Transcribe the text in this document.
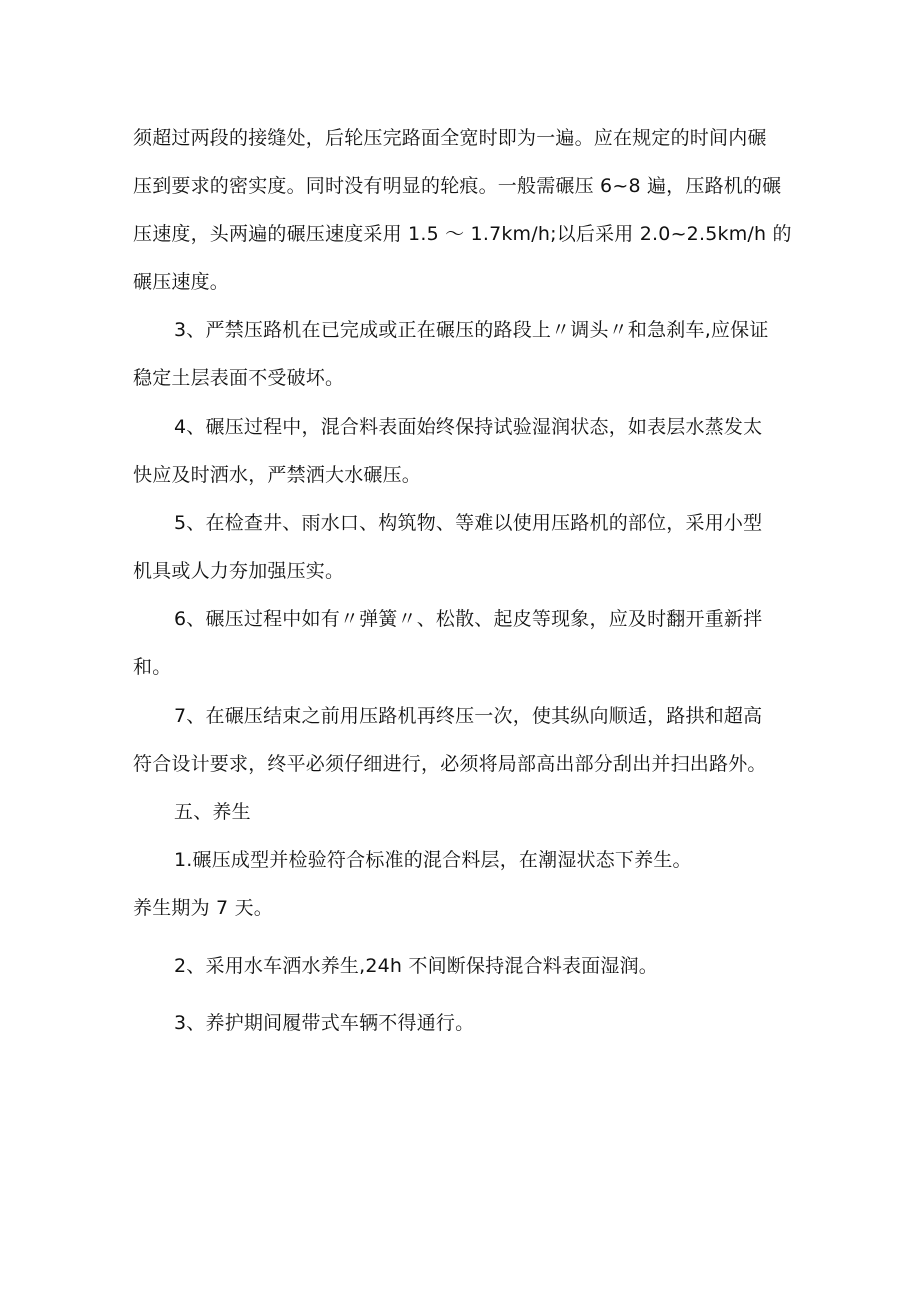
须超过两段的接缝处，后轮压完路面全宽时即为一遍。应在规定的时间内碾
压到要求的密实度。同时没有明显的轮痕。一般需碾压 6~8 遍，压路机的碾
压速度，头两遍的碾压速度采用 1.5 ～ 1.7km/h;以后采用 2.0~2.5km/h 的
碾压速度。
3、严禁压路机在已完成或正在碾压的路段上〃调头〃和急刹车,应保证
稳定土层表面不受破坏。
4、碾压过程中，混合料表面始终保持试验湿润状态，如表层水蒸发太
快应及时洒水，严禁洒大水碾压。
5、在检查井、雨水口、构筑物、等难以使用压路机的部位，采用小型
机具或人力夯加强压实。
6、碾压过程中如有〃弹簧〃、松散、起皮等现象，应及时翻开重新拌
和。
7、在碾压结束之前用压路机再终压一次，使其纵向顺适，路拱和超高
符合设计要求，终平必须仔细进行，必须将局部高出部分刮出并扫出路外。
五、养生
1.碾压成型并检验符合标准的混合料层，在潮湿状态下养生。
养生期为 7 天。
2、采用水车洒水养生,24h 不间断保持混合料表面湿润。
3、养护期间履带式车辆不得通行。
